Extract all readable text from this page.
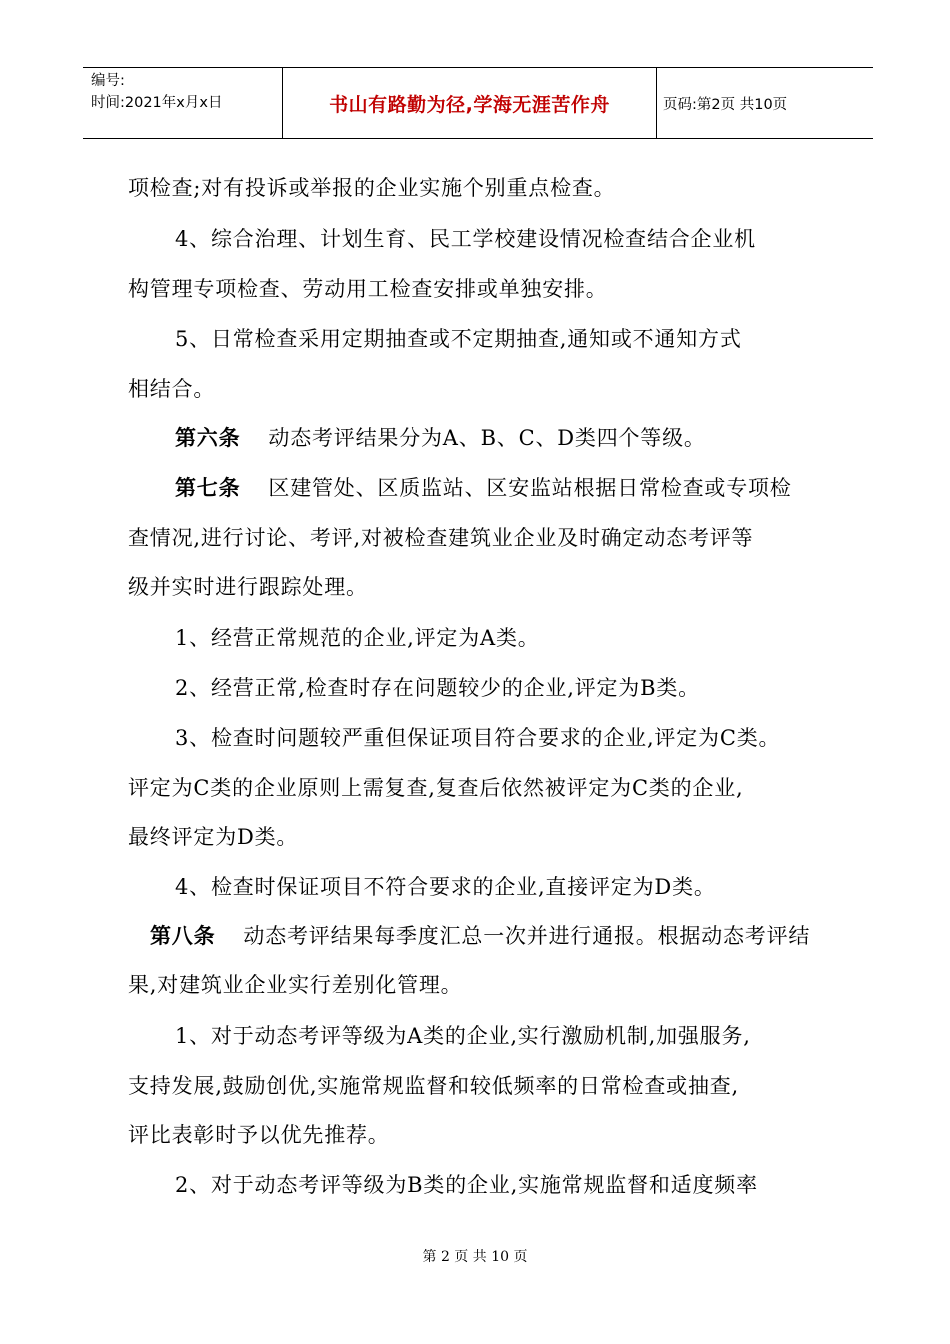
编号:
时间:2021年x月x日	书山有路勤为径,学海无涯苦作舟	页码:第2页 共10页
项检查;对有投诉或举报的企业实施个别重点检查。
4、综合治理、计划生育、民工学校建设情况检查结合企业机
构管理专项检查、劳动用工检查安排或单独安排。
5、日常检查采用定期抽查或不定期抽查,通知或不通知方式
相结合。
第六条 动态考评结果分为A、B、C、D类四个等级。
第七条 区建管处、区质监站、区安监站根据日常检查或专项检
查情况,进行讨论、考评,对被检查建筑业企业及时确定动态考评等
级并实时进行跟踪处理。
1、经营正常规范的企业,评定为A类。
2、经营正常,检查时存在问题较少的企业,评定为B类。
3、检查时问题较严重但保证项目符合要求的企业,评定为C类。
评定为C类的企业原则上需复查,复查后依然被评定为C类的企业,
最终评定为D类。
4、检查时保证项目不符合要求的企业,直接评定为D类。
第八条 动态考评结果每季度汇总一次并进行通报。根据动态考评结
果,对建筑业企业实行差别化管理。
1、对于动态考评等级为A类的企业,实行激励机制,加强服务,
支持发展,鼓励创优,实施常规监督和较低频率的日常检查或抽查,
评比表彰时予以优先推荐。
2、对于动态考评等级为B类的企业,实施常规监督和适度频率
第 2 页 共 10 页
